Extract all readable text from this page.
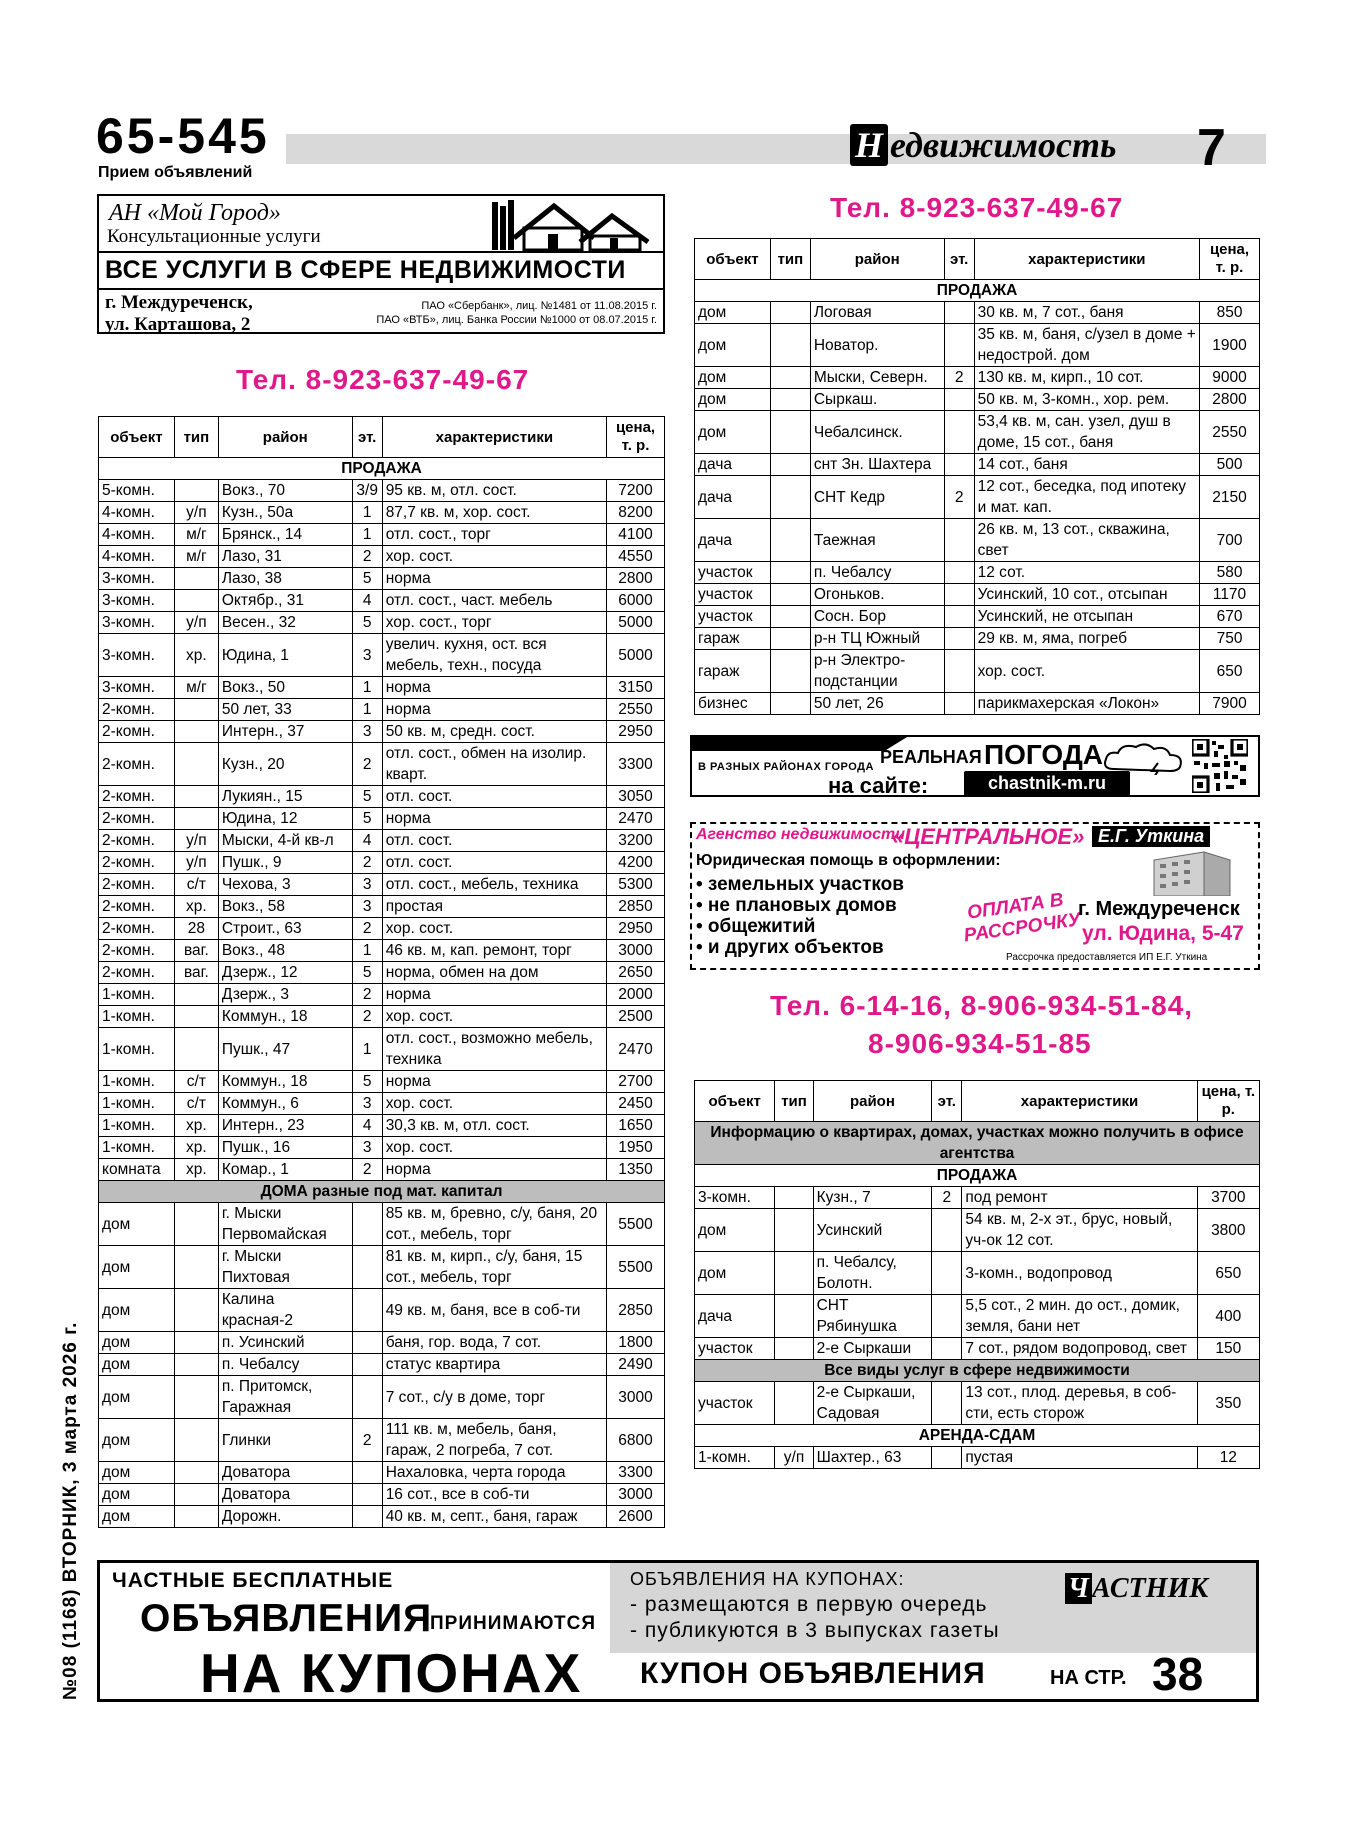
65-545
Прием объявлений
Н едвижимость 7
АН «Мой Город»
Консультационные услуги
ВСЕ УСЛУГИ В СФЕРЕ НЕДВИЖИМОСТИ
г. Междуреченск,
ул. Карташова, 2
ПАО «Сбербанк», лиц. №1481 от 11.08.2015 г.
ПАО «ВТБ», лиц. Банка России №1000 от 08.07.2015 г.
Тел. 8-923-637-49-67
Тел. 8-923-637-49-67
объект	тип	район	эт.	характеристики	цена, т. р.
ПРОДАЖА					
5-комн.		Вокз., 70	3/9	95 кв. м, отл. сост.	7200
4-комн.	у/п	Кузн., 50а	1	87,7 кв. м, хор. сост.	8200
4-комн.	м/г	Брянск., 14	1	отл. сост., торг	4100
4-комн.	м/г	Лазо, 31	2	хор. сост.	4550
3-комн.		Лазо, 38	5	норма	2800
3-комн.		Октябр., 31	4	отл. сост., част. мебель	6000
3-комн.	у/п	Весен., 32	5	хор. сост., торг	5000
3-комн.	хр.	Юдина, 1	3	увелич. кухня, ост. вся мебель, техн., посуда	5000
3-комн.	м/г	Вокз., 50	1	норма	3150
2-комн.		50 лет, 33	1	норма	2550
2-комн.		Интерн., 37	3	50 кв. м, средн. сост.	2950
2-комн.		Кузн., 20	2	отл. сост., обмен на изолир. кварт.	3300
2-комн.		Лукиян., 15	5	отл. сост.	3050
2-комн.		Юдина, 12	5	норма	2470
2-комн.	у/п	Мыски, 4-й кв-л	4	отл. сост.	3200
2-комн.	у/п	Пушк., 9	2	отл. сост.	4200
2-комн.	с/т	Чехова, 3	3	отл. сост., мебель, техника	5300
2-комн.	хр.	Вокз., 58	3	простая	2850
2-комн.	28	Строит., 63	2	хор. сост.	2950
2-комн.	ваг.	Вокз., 48	1	46 кв. м, кап. ремонт, торг	3000
2-комн.	ваг.	Дзерж., 12	5	норма, обмен на дом	2650
1-комн.		Дзерж., 3	2	норма	2000
1-комн.		Коммун., 18	2	хор. сост.	2500
1-комн.		Пушк., 47	1	отл. сост., возможно мебель, техника	2470
1-комн.	с/т	Коммун., 18	5	норма	2700
1-комн.	с/т	Коммун., 6	3	хор. сост.	2450
1-комн.	хр.	Интерн., 23	4	30,3 кв. м, отл. сост.	1650
1-комн.	хр.	Пушк., 16	3	хор. сост.	1950
комната	хр.	Комар., 1	2	норма	1350
ДОМА разные под мат. капитал					
дом		г. Мыски Первомайская		85 кв. м, бревно, с/у, баня, 20 сот., мебель, торг	5500
дом		г. Мыски Пихтовая		81 кв. м, кирп., с/у, баня, 15 сот., мебель, торг	5500
дом		Калина красная-2		49 кв. м, баня, все в соб-ти	2850
дом		п. Усинский		баня, гор. вода, 7 сот.	1800
дом		п. Чебалсу		статус квартира	2490
дом		п. Притомск, Гаражная		7 сот., с/у в доме, торг	3000
дом		Глинки	2	111 кв. м, мебель, баня, гараж, 2 погреба, 7 сот.	6800
дом		Доватора		Нахаловка, черта города	3300
дом		Доватора		16 сот., все в соб-ти	3000
дом		Дорожн.		40 кв. м, септ., баня, гараж	2600
объект	тип	район	эт.	характеристики	цена, т. р.
ПРОДАЖА					
дом		Логовая		30 кв. м, 7 сот., баня	850
дом		Новатор.		35 кв. м, баня, с/узел в доме + недострой. дом	1900
дом		Мыски, Северн.	2	130 кв. м, кирп., 10 сот.	9000
дом		Сыркаш.		50 кв. м, 3-комн., хор. рем.	2800
дом		Чебалсинск.		53,4 кв. м, сан. узел, душ в доме, 15 сот., баня	2550
дача		снт Зн. Шахтера		14 сот., баня	500
дача		СНТ Кедр	2	12 сот., беседка, под ипотеку и мат. кап.	2150
дача		Таежная		26 кв. м, 13 сот., скважина, свет	700
участок		п. Чебалсу		12 сот.	580
участок		Огоньков.		Усинский, 10 сот., отсыпан	1170
участок		Сосн. Бор		Усинский, не отсыпан	670
гараж		р-н ТЦ Южный		29 кв. м, яма, погреб	750
гараж		р-н Электро-подстанции		хор. сост.	650
бизнес		50 лет, 26		парикмахерская «Локон»	7900
В РАЗНЫХ РАЙОНАХ ГОРОДА РЕАЛЬНАЯ ПОГОДА
на сайте:	chastnik-m.ru
Агенство недвижимости
«ЦЕНТРАЛЬНОЕ» Е.Г. Уткина
Юридическая помощь в оформлении:
• земельных участков
• не плановых домов
• общежитий
• и других объектов
ОПЛАТА В РАССРОЧКУ
г. Междуреченск
ул. Юдина, 5-47
Рассрочка предоставляется ИП Е.Г. Уткина
Тел. 6-14-16, 8-906-934-51-84,
8-906-934-51-85
объект	тип	район	эт.	характеристики	цена, т. р.
Информацию о квартирах, домах, участках можно получить в офисе агентства					
ПРОДАЖА					
3-комн.		Кузн., 7	2	под ремонт	3700
дом		Усинский		54 кв. м, 2-х эт., брус, новый, уч-ок 12 сот.	3800
дом		п. Чебалсу, Болотн.		3-комн., водопровод	650
дача		СНТ Рябинушка		5,5 сот., 2 мин. до ост., домик, земля, бани нет	400
участок		2-е Сыркаши		7 сот., рядом водопровод, свет	150
Все виды услуг в сфере недвижимости					
участок		2-е Сыркаши, Садовая		13 сот., плод. деревья, в соб-сти, есть сторож	350
АРЕНДА-СДАМ					
1-комн.	у/п	Шахтер., 63		пустая	12
ЧАСТНЫЕ БЕСПЛАТНЫЕ
ОБЪЯВЛЕНИЯ
ПРИНИМАЮТСЯ
НА КУПОНАХ
ОБЪЯВЛЕНИЯ НА КУПОНАХ:
- размещаются в первую очередь
- публикуются в 3 выпусках газеты
Ч АСТНИК
КУПОН ОБЪЯВЛЕНИЯ	НА СТР. 38
№08 (1168) ВТОРНИК, 3 марта 2026 г.
